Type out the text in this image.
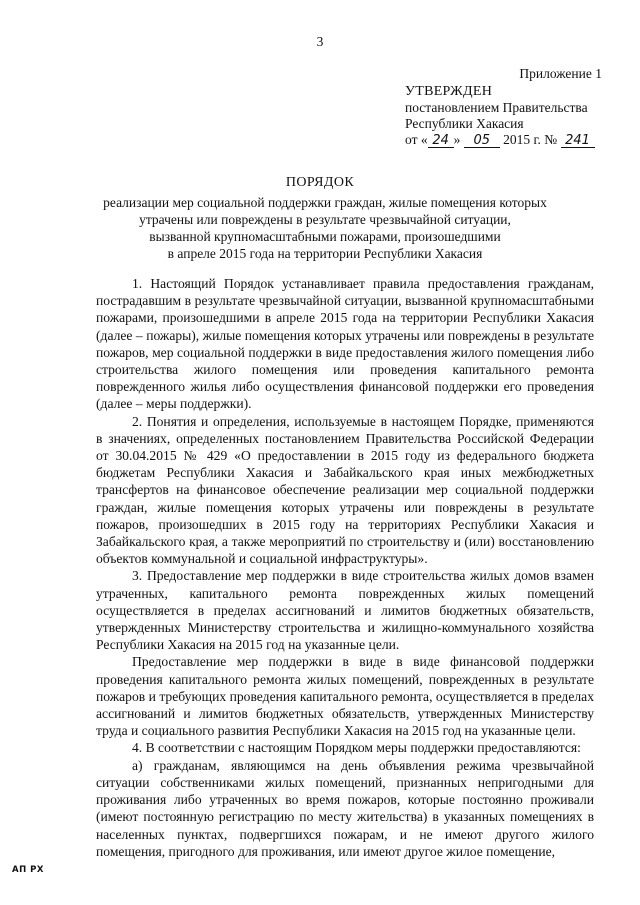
3
Приложение 1
УТВЕРЖДЕН
постановлением Правительства
Республики Хакасия
от « 24 » 05 2015 г. № 241
ПОРЯДОК
реализации мер социальной поддержки граждан, жилые помещения которых
утрачены или повреждены в результате чрезвычайной ситуации,
вызванной крупномасштабными пожарами, произошедшими
в апреле 2015 года на территории Республики Хакасия

1. Настоящий Порядок устанавливает правила предоставления гражданам, пострадавшим в результате чрезвычайной ситуации, вызванной крупномасштабными пожарами, произошедшими в апреле 2015 года на территории Республики Хакасия (далее – пожары), жилые помещения которых утрачены или повреждены в результате пожаров, мер социальной поддержки в виде предоставления жилого помещения либо строительства жилого помещения или проведения капитального ремонта поврежденного жилья либо осуществления финансовой поддержки его проведения (далее – меры поддержки).

2. Понятия и определения, используемые в настоящем Порядке, применяются в значениях, определенных постановлением Правительства Российской Федерации от 30.04.2015 № 429 «О предоставлении в 2015 году из федерального бюджета бюджетам Республики Хакасия и Забайкальского края иных межбюджетных трансфертов на финансовое обеспечение реализации мер социальной поддержки граждан, жилые помещения которых утрачены или повреждены в результате пожаров, произошедших в 2015 году на территориях Республики Хакасия и Забайкальского края, а также мероприятий по строительству и (или) восстановлению объектов коммунальной и социальной инфраструктуры».

3. Предоставление мер поддержки в виде строительства жилых домов взамен утраченных, капитального ремонта поврежденных жилых помещений осуществляется в пределах ассигнований и лимитов бюджетных обязательств, утвержденных Министерству строительства и жилищно-коммунального хозяйства Республики Хакасия на 2015 год на указанные цели.

Предоставление мер поддержки в виде в виде финансовой поддержки проведения капитального ремонта жилых помещений, поврежденных в результате пожаров и требующих проведения капитального ремонта, осуществляется в пределах ассигнований и лимитов бюджетных обязательств, утвержденных Министерству труда и социального развития Республики Хакасия на 2015 год на указанные цели.

4. В соответствии с настоящим Порядком меры поддержки предоставляются:

а) гражданам, являющимся на день объявления режима чрезвычайной ситуации собственниками жилых помещений, признанных непригодными для проживания либо утраченных во время пожаров, которые постоянно проживали (имеют постоянную регистрацию по месту жительства) в указанных помещениях в населенных пунктах, подвергшихся пожарам, и не имеют другого жилого помещения, пригодного для проживания, или имеют другое жилое помещение,

АП РХ
